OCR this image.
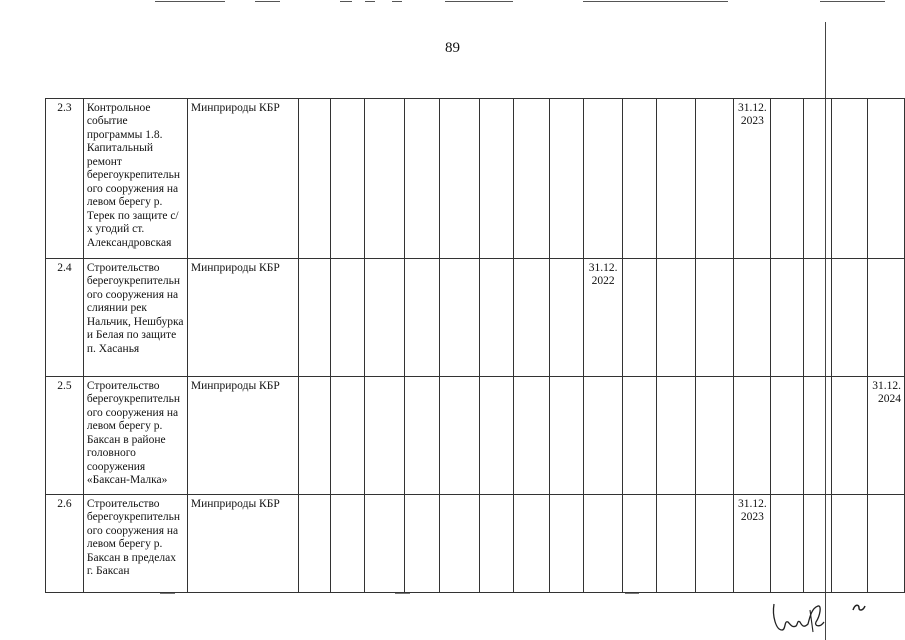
89
2.3	Контрольное событие программы 1.8. Капитальный ремонт берегоукрепительн ого сооружения на левом берегу р. Терек по защите с/х угодий ст. Александровская	Минприроды КБР													31.12.
2023				

2.4	Строительство берегоукрепительн ого сооружения на слиянии рек Нальчик, Нешбурка и Белая по защите п. Хасанья	Минприроды КБР									31.12.
2022								

2.5	Строительство берегоукрепительн ого сооружения на левом берегу р. Баксан в районе головного сооружения «Баксан-Малка»	Минприроды КБР																	31.12.
2024

2.6	Строительство берегоукрепительн ого сооружения на левом берегу р. Баксан в пределах г. Баксан	Минприроды КБР													31.12.
2023				
